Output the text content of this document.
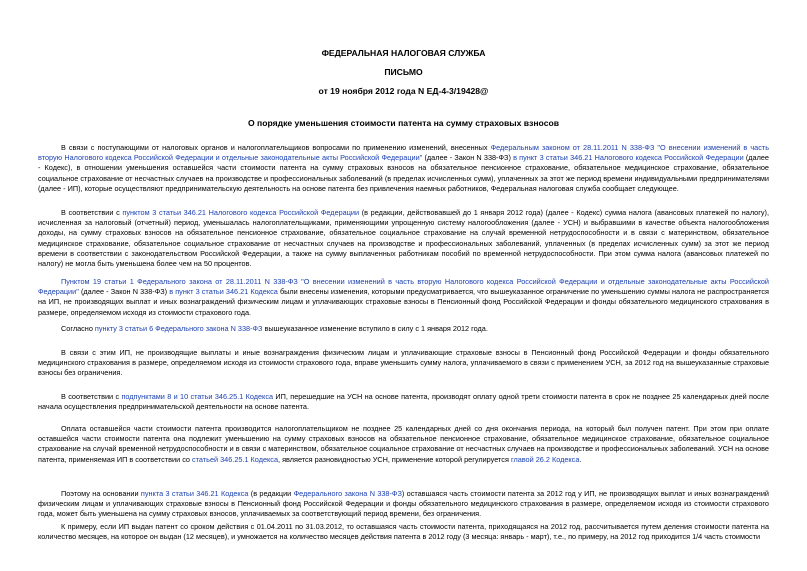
ФЕДЕРАЛЬНАЯ НАЛОГОВАЯ СЛУЖБА
ПИСЬМО
от 19 ноября 2012 года N ЕД-4-3/19428@
О порядке уменьшения стоимости патента на сумму страховых взносов
В связи с поступающими от налоговых органов и налогоплательщиков вопросами по применению изменений, внесенных Федеральным законом от 28.11.2011 N 338-ФЗ "О внесении изменений в часть вторую Налогового кодекса Российской Федерации и отдельные законодательные акты Российской Федерации" (далее - Закон N 338-ФЗ) в пункт 3 статьи 346.21 Налогового кодекса Российской Федерации (далее - Кодекс), в отношении уменьшения оставшейся части стоимости патента на сумму страховых взносов на обязательное пенсионное страхование, обязательное медицинское страхование, обязательное социальное страхование от несчастных случаев на производстве и профессиональных заболеваний (в пределах исчисленных сумм), уплаченных за этот же период времени индивидуальными предпринимателями (далее - ИП), которые осуществляют предпринимательскую деятельность на основе патента без привлечения наемных работников, Федеральная налоговая служба сообщает следующее.
В соответствии с пунктом 3 статьи 346.21 Налогового кодекса Российской Федерации (в редакции, действовавшей до 1 января 2012 года) (далее - Кодекс) сумма налога (авансовых платежей по налогу), исчисленная за налоговый (отчетный) период, уменьшалась налогоплательщиками, применяющими упрощенную систему налогообложения (далее - УСН) и выбравшими в качестве объекта налогообложения доходы, на сумму страховых взносов на обязательное пенсионное страхование, обязательное социальное страхование на случай временной нетрудоспособности и в связи с материнством, обязательное медицинское страхование, обязательное социальное страхование от несчастных случаев на производстве и профессиональных заболеваний, уплаченных (в пределах исчисленных сумм) за этот же период времени в соответствии с законодательством Российской Федерации, а также на сумму выплаченных работникам пособий по временной нетрудоспособности. При этом сумма налога (авансовых платежей по налогу) не могла быть уменьшена более чем на 50 процентов.
Пунктом 19 статьи 1 Федерального закона от 28.11.2011 N 338-ФЗ "О внесении изменений в часть вторую Налогового кодекса Российской Федерации и отдельные законодательные акты Российской Федерации" (далее - Закон N 338-ФЗ) в пункт 3 статьи 346.21 Кодекса были внесены изменения, которыми предусматривается, что вышеуказанное ограничение по уменьшению суммы налога не распространяется на ИП, не производящих выплат и иных вознаграждений физическим лицам и уплачивающих страховые взносы в Пенсионный фонд Российской Федерации и фонды обязательного медицинского страхования в размере, определяемом исходя из стоимости страхового года.
Согласно пункту 3 статьи 6 Федерального закона N 338-ФЗ вышеуказанное изменение вступило в силу с 1 января 2012 года.
В связи с этим ИП, не производящие выплаты и иные вознаграждения физическим лицам и уплачивающие страховые взносы в Пенсионный фонд Российской Федерации и фонды обязательного медицинского страхования в размере, определяемом исходя из стоимости страхового года, вправе уменьшить сумму налога, уплачиваемого в связи с применением УСН, за 2012 год на вышеуказанные страховые взносы без ограничения.
В соответствии с подпунктами 8 и 10 статьи 346.25.1 Кодекса ИП, перешедшие на УСН на основе патента, производят оплату одной трети стоимости патента в срок не позднее 25 календарных дней после начала осуществления предпринимательской деятельности на основе патента.
Оплата оставшейся части стоимости патента производится налогоплательщиком не позднее 25 календарных дней со дня окончания периода, на который был получен патент. При этом при оплате оставшейся части стоимости патента она подлежит уменьшению на сумму страховых взносов на обязательное пенсионное страхование, обязательное медицинское страхование, обязательное социальное страхование на случай временной нетрудоспособности и в связи с материнством, обязательное социальное страхование от несчастных случаев на производстве и профессиональных заболеваний. УСН на основе патента, применяемая ИП в соответствии со статьей 346.25.1 Кодекса, является разновидностью УСН, применение которой регулируется главой 26.2 Кодекса.
Поэтому на основании пункта 3 статьи 346.21 Кодекса (в редакции Федерального закона N 338-ФЗ) оставшаяся часть стоимости патента за 2012 год у ИП, не производящих выплат и иных вознаграждений физическим лицам и уплачивающих страховые взносы в Пенсионный фонд Российской Федерации и фонды обязательного медицинского страхования в размере, определяемом исходя из стоимости страхового года, может быть уменьшена на сумму страховых взносов, уплачиваемых за соответствующий период времени, без ограничения.
К примеру, если ИП выдан патент со сроком действия с 01.04.2011 по 31.03.2012, то оставшаяся часть стоимости патента, приходящаяся на 2012 год, рассчитывается путем деления стоимости патента на количество месяцев, на которое он выдан (12 месяцев), и умножается на количество месяцев действия патента в 2012 году (3 месяца: январь - март), т.е., по примеру, на 2012 год приходится 1/4 часть стоимости
